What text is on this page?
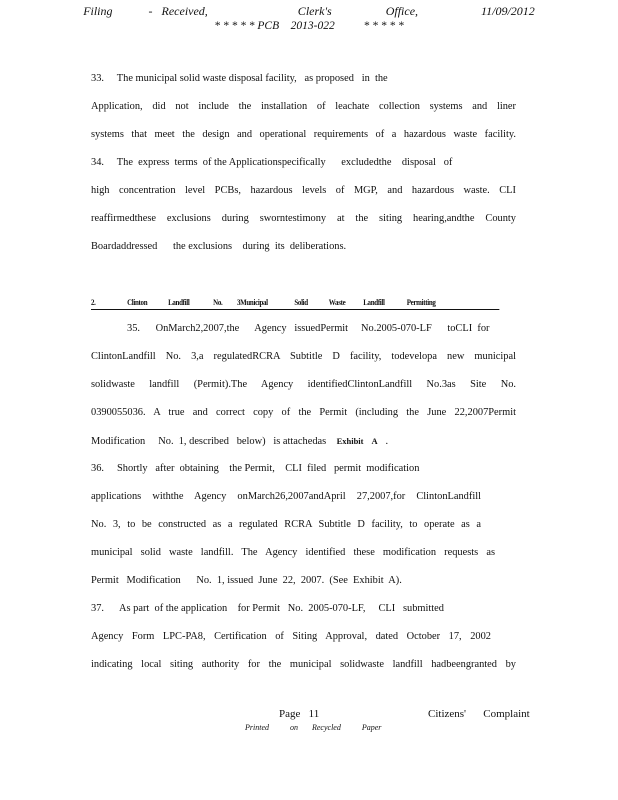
Filing    - Received,          Clerk's      Office,       11/09/2012
* * * * * PCB    2013-022          * * * * *
33.     The municipal solid waste disposal facility,   as proposed   in  the
Application, did not include the installation of leachate collection systems and liner
systems that meet the design and operational requirements of a hazardous waste facility.
34.     The  express  terms  of the Applicationspecifically      excludedthe    disposal   of
high concentration level PCBs, hazardous levels of MGP, and hazardous waste. CLI
reaffirmedthese exclusions during sworntestimony at the siting hearing,andthe County
Boardaddressed      the exclusions    during  its  deliberations.
2.	Clinton Landfill	No. 3Municipal	Solid Waste Landfill	Permitting
35.      OnMarch2,2007,the      Agency   issuedPermit     No.2005-070-LF      toCLI  for
ClintonLandfill No. 3,a regulatedRCRA Subtitle D facility, todevelopa new municipal
solidwaste landfill (Permit).The Agency identifiedClintonLandfill No.3as Site No.
0390055036. A true and correct copy of the Permit (including the June 22,2007Permit
Modification     No.  1, described   below)   is attachedas Exhibit    A .
36.     Shortly   after  obtaining    the Permit,    CLI  filed   permit  modification
applications withthe Agency onMarch26,2007andApril 27,2007,for ClintonLandfill
No. 3, to be constructed as a regulated RCRA Subtitle D facility, to operate as a
municipal solid waste landfill. The Agency identified these modification requests as
Permit   Modification      No.  1, issued  June  22,  2007.  (See  Exhibit  A).
37.      As part  of the application    for Permit   No.  2005-070-LF,     CLI   submitted
Agency Form LPC-PA8, Certification of Siting Approval, dated October 17, 2002
indicating local siting authority for the municipal solidwaste landfill hadbeengranted by
Page   11	Citizens'   Complaint
Printed   on  Recycled   Paper
